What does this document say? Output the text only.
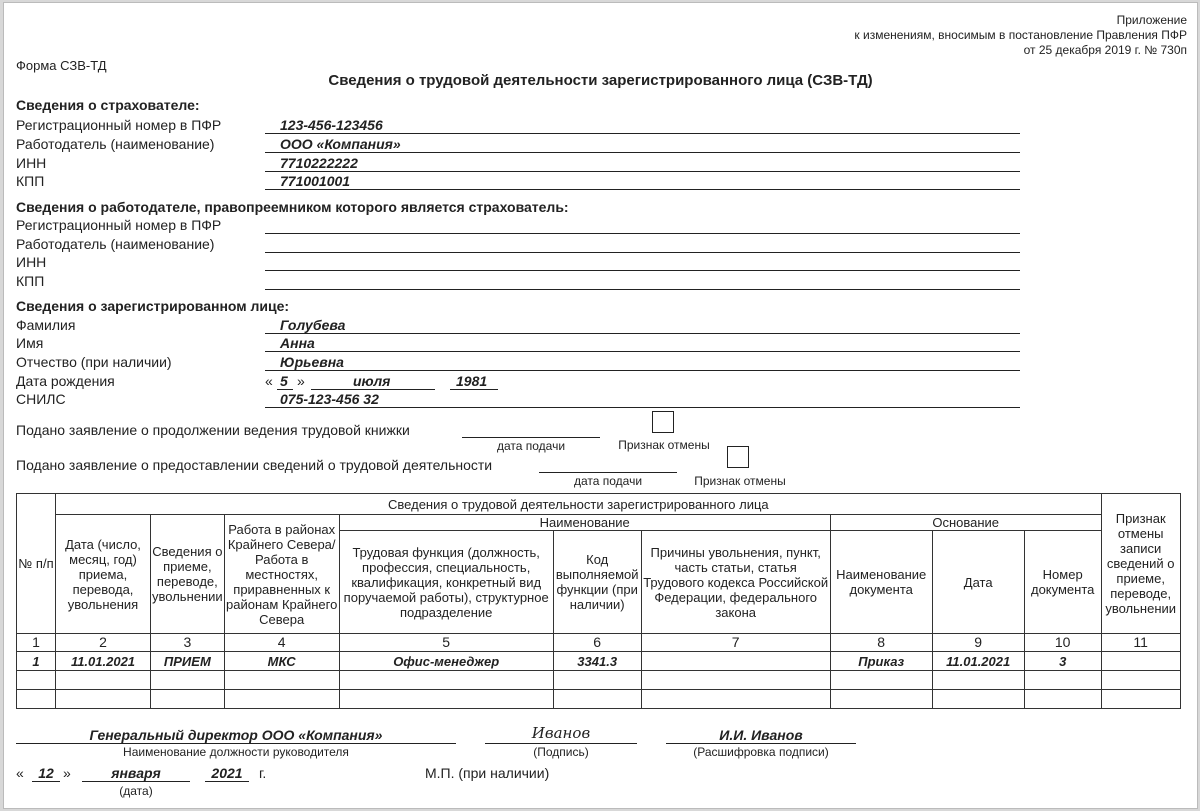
Приложение
к изменениям, вносимым в постановление Правления ПФР
от 25 декабря 2019 г. № 730п
Форма СЗВ-ТД
Сведения о трудовой деятельности зарегистрированного лица (СЗВ-ТД)
Сведения о страхователе:
Регистрационный номер в ПФР	123-456-123456
Работодатель (наименование)	ООО «Компания»
ИНН	7710222222
КПП	771001001
Сведения о работодателе, правопреемником которого является страхователь:
Регистрационный номер в ПФР
Работодатель (наименование)
ИНН
КПП
Сведения о зарегистрированном лице:
Фамилия	Голубева
Имя	Анна
Отчество (при наличии)	Юрьевна
Дата рождения	« 5 »	июля	1981
СНИЛС	075-123-456 32
Подано заявление о продолжении ведения трудовой книжки
дата подачи	Признак отмены
Подано заявление о предоставлении сведений о трудовой деятельности
дата подачи	Признак отмены
№ п/п	Сведения о трудовой деятельности зарегистрированного лица									Признак отмены записи сведений о приеме, переводе, увольнении
	Дата (число, месяц, год) приема, перевода, увольнения	Сведения о приеме, переводе, увольнении	Работа в районах Крайнего Севера/Работа в местностях, приравненных к районам Крайнего Севера	Наименование			Основание			
				Трудовая функция (должность, профессия, специальность, квалификация, конкретный вид поручаемой работы), структурное подразделение	Код выполняемой функции (при наличии)	Причины увольнения, пункт, часть статьи, статья Трудового кодекса Российской Федерации, федерального закона	Наименование документа	Дата	Номер документа	
1	2	3	4	5	6	7	8	9	10	11
1	11.01.2021	ПРИЕМ	МКС	Офис-менеджер	3341.3		Приказ	11.01.2021	3	

Генеральный директор ООО «Компания»
Наименование должности руководителя
Иванов
(Подпись)
И.И. Иванов
(Расшифровка подписи)
«	12 »	января	2021	г.
(дата)
М.П. (при наличии)
